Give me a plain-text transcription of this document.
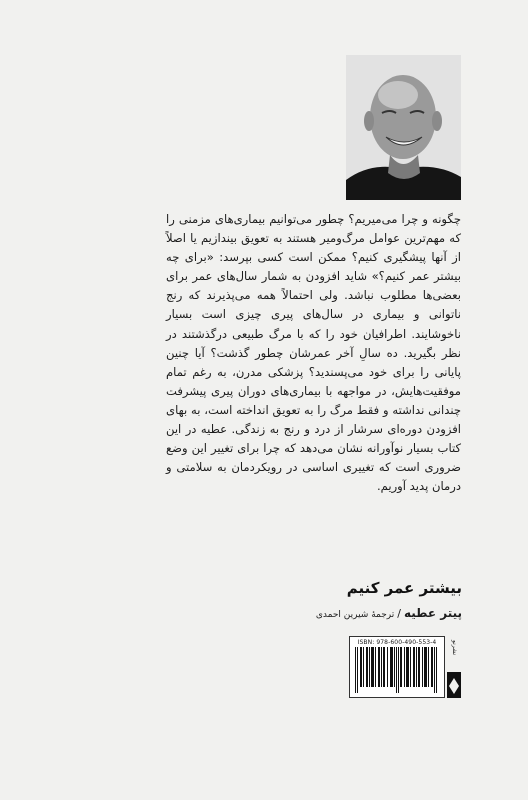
چگونه و چرا می‌میریم؟ چطور می‌توانیم بیماری‌های مزمنی را که مهم‌ترین عوامل مرگ‌ومیر هستند به تعویق بیندازیم یا اصلاً از آنها پیشگیری کنیم؟ ممکن است کسی بپرسد: «برای چه بیشتر عمر کنیم؟» شاید افزودن به شمار سال‌های عمر برای بعضی‌ها مطلوب نباشد. ولی احتمالاً همه می‌پذیرند که رنج ناتوانی و بیماری در سال‌های پیری چیزی است بسیار ناخوشایند. اطرافیان خود را که با مرگ طبیعی درگذشتند در نظر بگیرید. ده سالِ آخر عمرشان چطور گذشت؟ آیا چنین پایانی را برای خود می‌پسندید؟ پزشکی مدرن، به رغم تمام موفقیت‌هایش، در مواجهه با بیماری‌های دوران پیری پیشرفت چندانی نداشته و فقط مرگ را به تعویق انداخته است، به بهای افزودن دوره‌ای سرشار از درد و رنج به زندگی. عطیه در این کتاب بسیار نوآورانه نشان می‌دهد که چرا برای تغییر این وضع ضروری است که تغییری اساسی در رویکردمان به سلامتی و درمان پدید آوریم.

بیشتر عمر کنیم
پیتر عطیه/ترجمهٔ شیرین احمدی
ISBN: 978-600-490-553-4	نشرنو
